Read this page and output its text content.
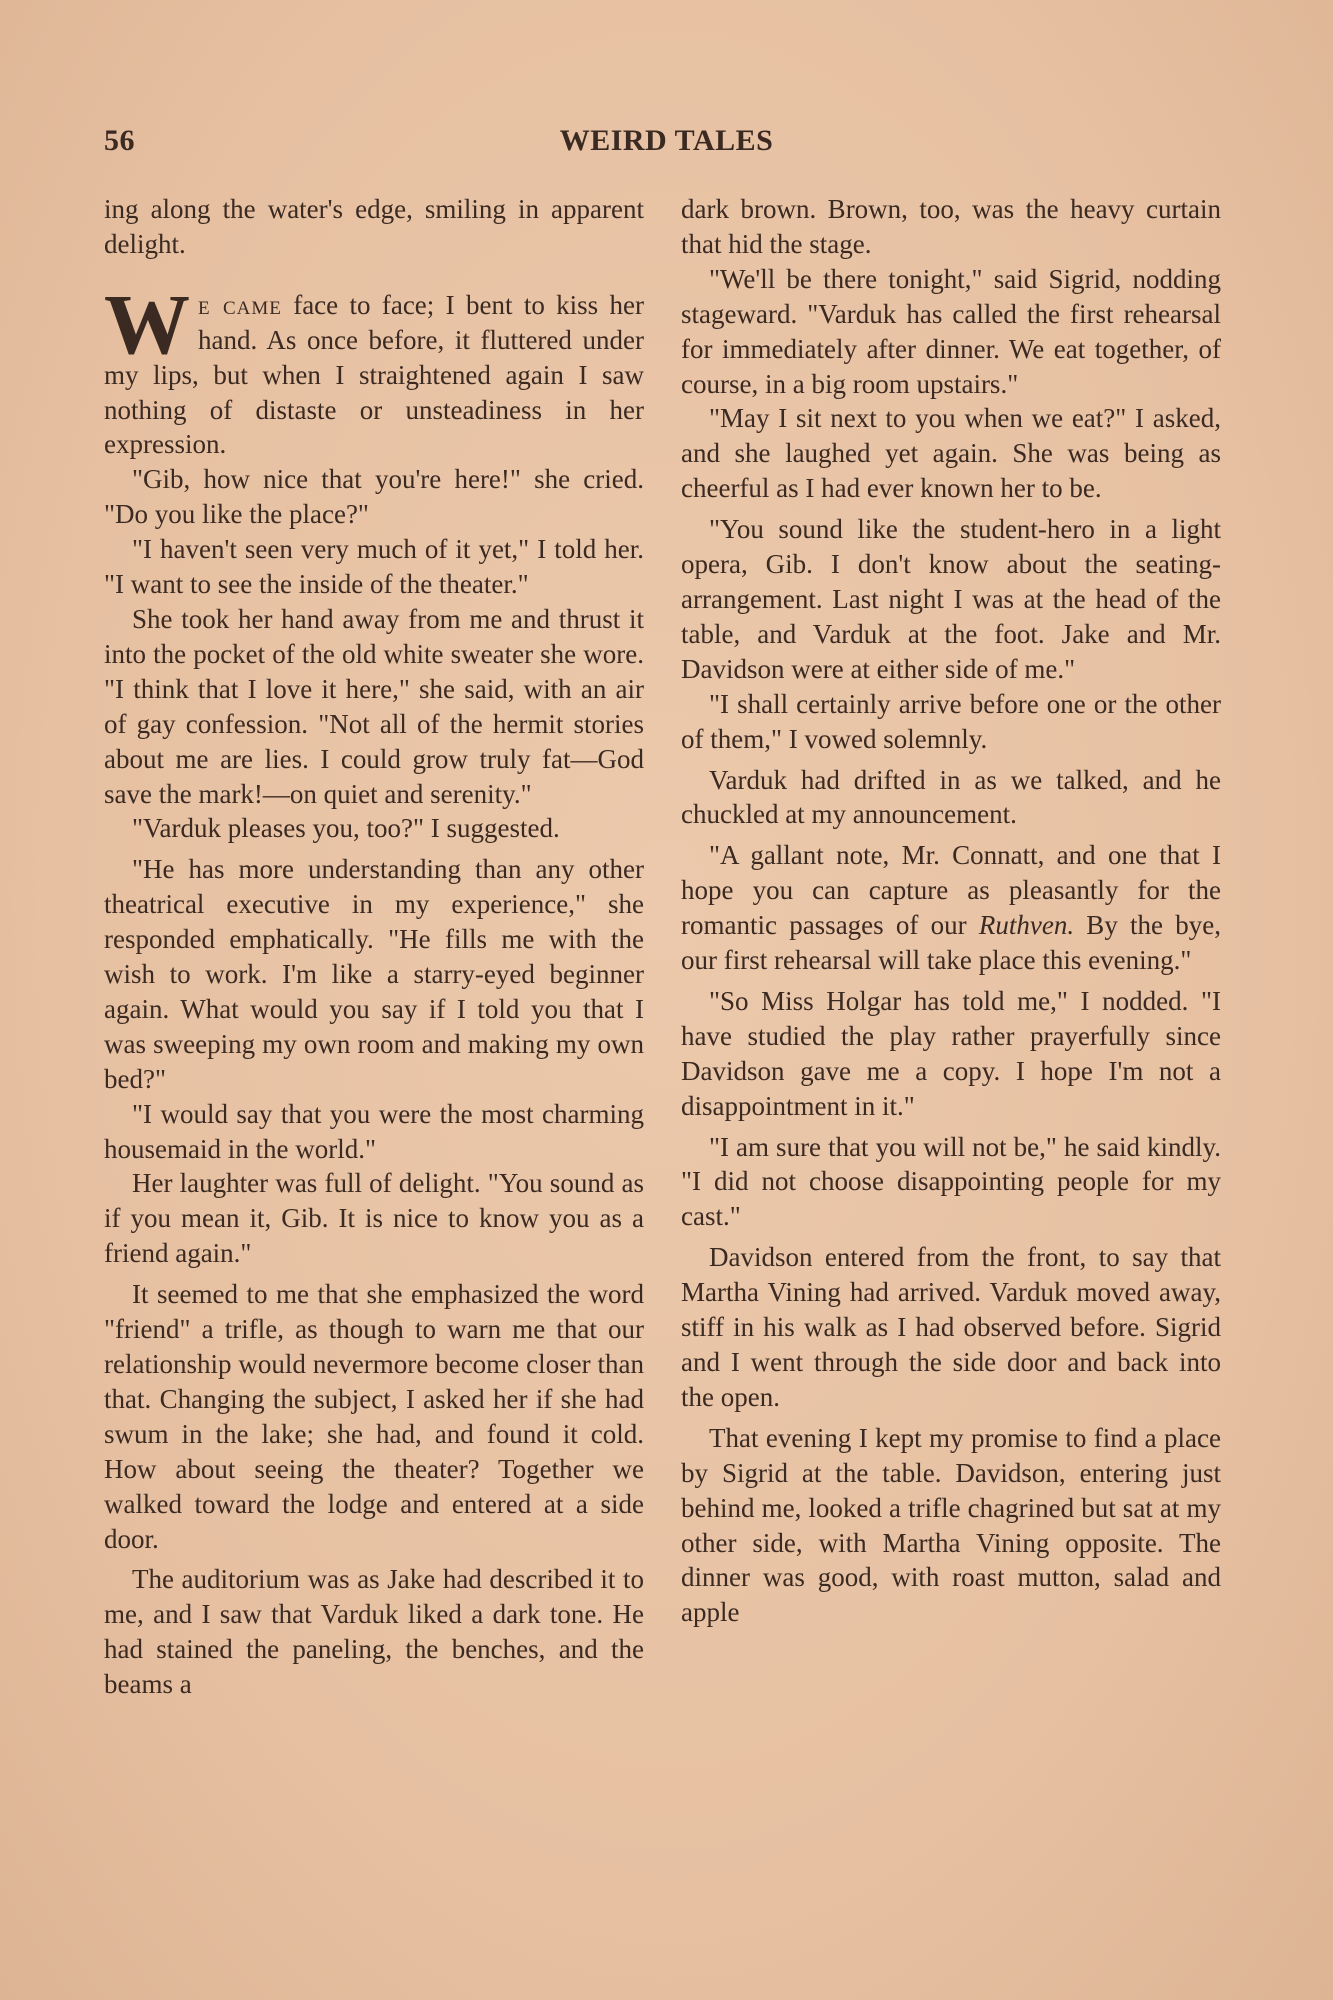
56	WEIRD TALES

ing along the water's edge, smiling in apparent delight.

We came face to face; I bent to kiss her hand. As once before, it fluttered under my lips, but when I straightened again I saw nothing of distaste or unsteadiness in her expression.

"Gib, how nice that you're here!" she cried. "Do you like the place?"

"I haven't seen very much of it yet," I told her. "I want to see the inside of the theater."

She took her hand away from me and thrust it into the pocket of the old white sweater she wore. "I think that I love it here," she said, with an air of gay confession. "Not all of the hermit stories about me are lies. I could grow truly fat—God save the mark!—on quiet and serenity."

"Varduk pleases you, too?" I suggested.

"He has more understanding than any other theatrical executive in my experience," she responded emphatically. "He fills me with the wish to work. I'm like a starry-eyed beginner again. What would you say if I told you that I was sweeping my own room and making my own bed?"

"I would say that you were the most charming housemaid in the world."

Her laughter was full of delight. "You sound as if you mean it, Gib. It is nice to know you as a friend again."

It seemed to me that she emphasized the word "friend" a trifle, as though to warn me that our relationship would nevermore become closer than that. Changing the subject, I asked her if she had swum in the lake; she had, and found it cold. How about seeing the theater? Together we walked toward the lodge and entered at a side door.

The auditorium was as Jake had described it to me, and I saw that Varduk liked a dark tone. He had stained the paneling, the benches, and the beams a

dark brown. Brown, too, was the heavy curtain that hid the stage.

"We'll be there tonight," said Sigrid, nodding stageward. "Varduk has called the first rehearsal for immediately after dinner. We eat together, of course, in a big room upstairs."

"May I sit next to you when we eat?" I asked, and she laughed yet again. She was being as cheerful as I had ever known her to be.

"You sound like the student-hero in a light opera, Gib. I don't know about the seating-arrangement. Last night I was at the head of the table, and Varduk at the foot. Jake and Mr. Davidson were at either side of me."

"I shall certainly arrive before one or the other of them," I vowed solemnly.

Varduk had drifted in as we talked, and he chuckled at my announcement.

"A gallant note, Mr. Connatt, and one that I hope you can capture as pleasantly for the romantic passages of our Ruthven. By the bye, our first rehearsal will take place this evening."

"So Miss Holgar has told me," I nodded. "I have studied the play rather prayerfully since Davidson gave me a copy. I hope I'm not a disappointment in it."

"I am sure that you will not be," he said kindly. "I did not choose disappointing people for my cast."

Davidson entered from the front, to say that Martha Vining had arrived. Varduk moved away, stiff in his walk as I had observed before. Sigrid and I went through the side door and back into the open.

That evening I kept my promise to find a place by Sigrid at the table. Davidson, entering just behind me, looked a trifle chagrined but sat at my other side, with Martha Vining opposite. The dinner was good, with roast mutton, salad and apple
